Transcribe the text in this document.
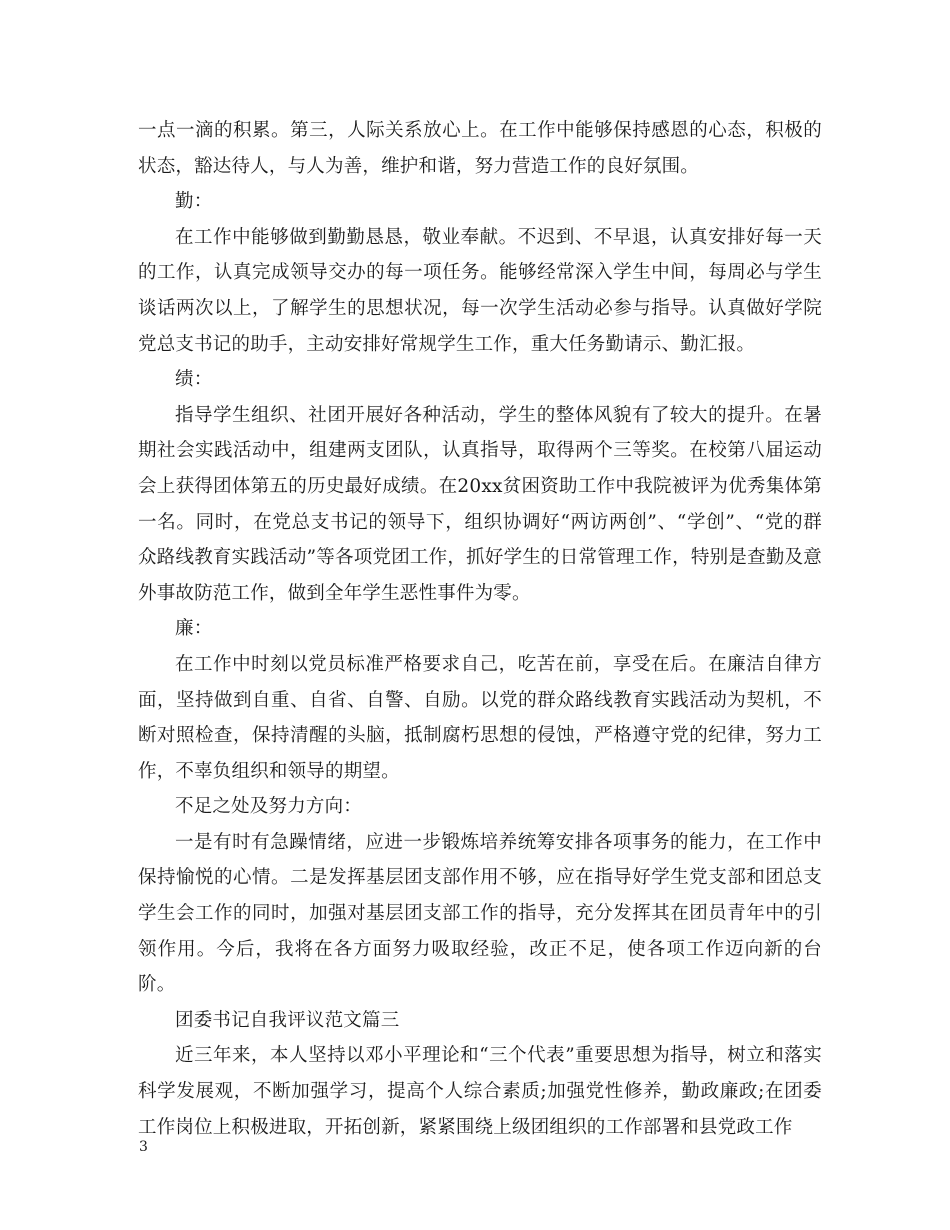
一点一滴的积累。第三，人际关系放心上。在工作中能够保持感恩的心态，积极的状态，豁达待人，与人为善，维护和谐，努力营造工作的良好氛围。

勤：

在工作中能够做到勤勤恳恳，敬业奉献。不迟到、不早退，认真安排好每一天的工作，认真完成领导交办的每一项任务。能够经常深入学生中间，每周必与学生谈话两次以上，了解学生的思想状况，每一次学生活动必参与指导。认真做好学院党总支书记的助手，主动安排好常规学生工作，重大任务勤请示、勤汇报。

绩：

指导学生组织、社团开展好各种活动，学生的整体风貌有了较大的提升。在暑期社会实践活动中，组建两支团队，认真指导，取得两个三等奖。在校第八届运动会上获得团体第五的历史最好成绩。在20xx贫困资助工作中我院被评为优秀集体第一名。同时，在党总支书记的领导下，组织协调好“两访两创”、“学创”、“党的群众路线教育实践活动”等各项党团工作，抓好学生的日常管理工作，特别是查勤及意外事故防范工作，做到全年学生恶性事件为零。

廉：

在工作中时刻以党员标准严格要求自己，吃苦在前，享受在后。在廉洁自律方面，坚持做到自重、自省、自警、自励。以党的群众路线教育实践活动为契机，不断对照检查，保持清醒的头脑，抵制腐朽思想的侵蚀，严格遵守党的纪律，努力工作，不辜负组织和领导的期望。

不足之处及努力方向：

一是有时有急躁情绪，应进一步锻炼培养统筹安排各项事务的能力，在工作中保持愉悦的心情。二是发挥基层团支部作用不够，应在指导好学生党支部和团总支学生会工作的同时，加强对基层团支部工作的指导，充分发挥其在团员青年中的引领作用。今后，我将在各方面努力吸取经验，改正不足，使各项工作迈向新的台阶。

团委书记自我评议范文篇三

近三年来，本人坚持以邓小平理论和“三个代表”重要思想为指导，树立和落实科学发展观，不断加强学习，提高个人综合素质;加强党性修养，勤政廉政;在团委工作岗位上积极进取，开拓创新，紧紧围绕上级团组织的工作部署和县党政工作

3
